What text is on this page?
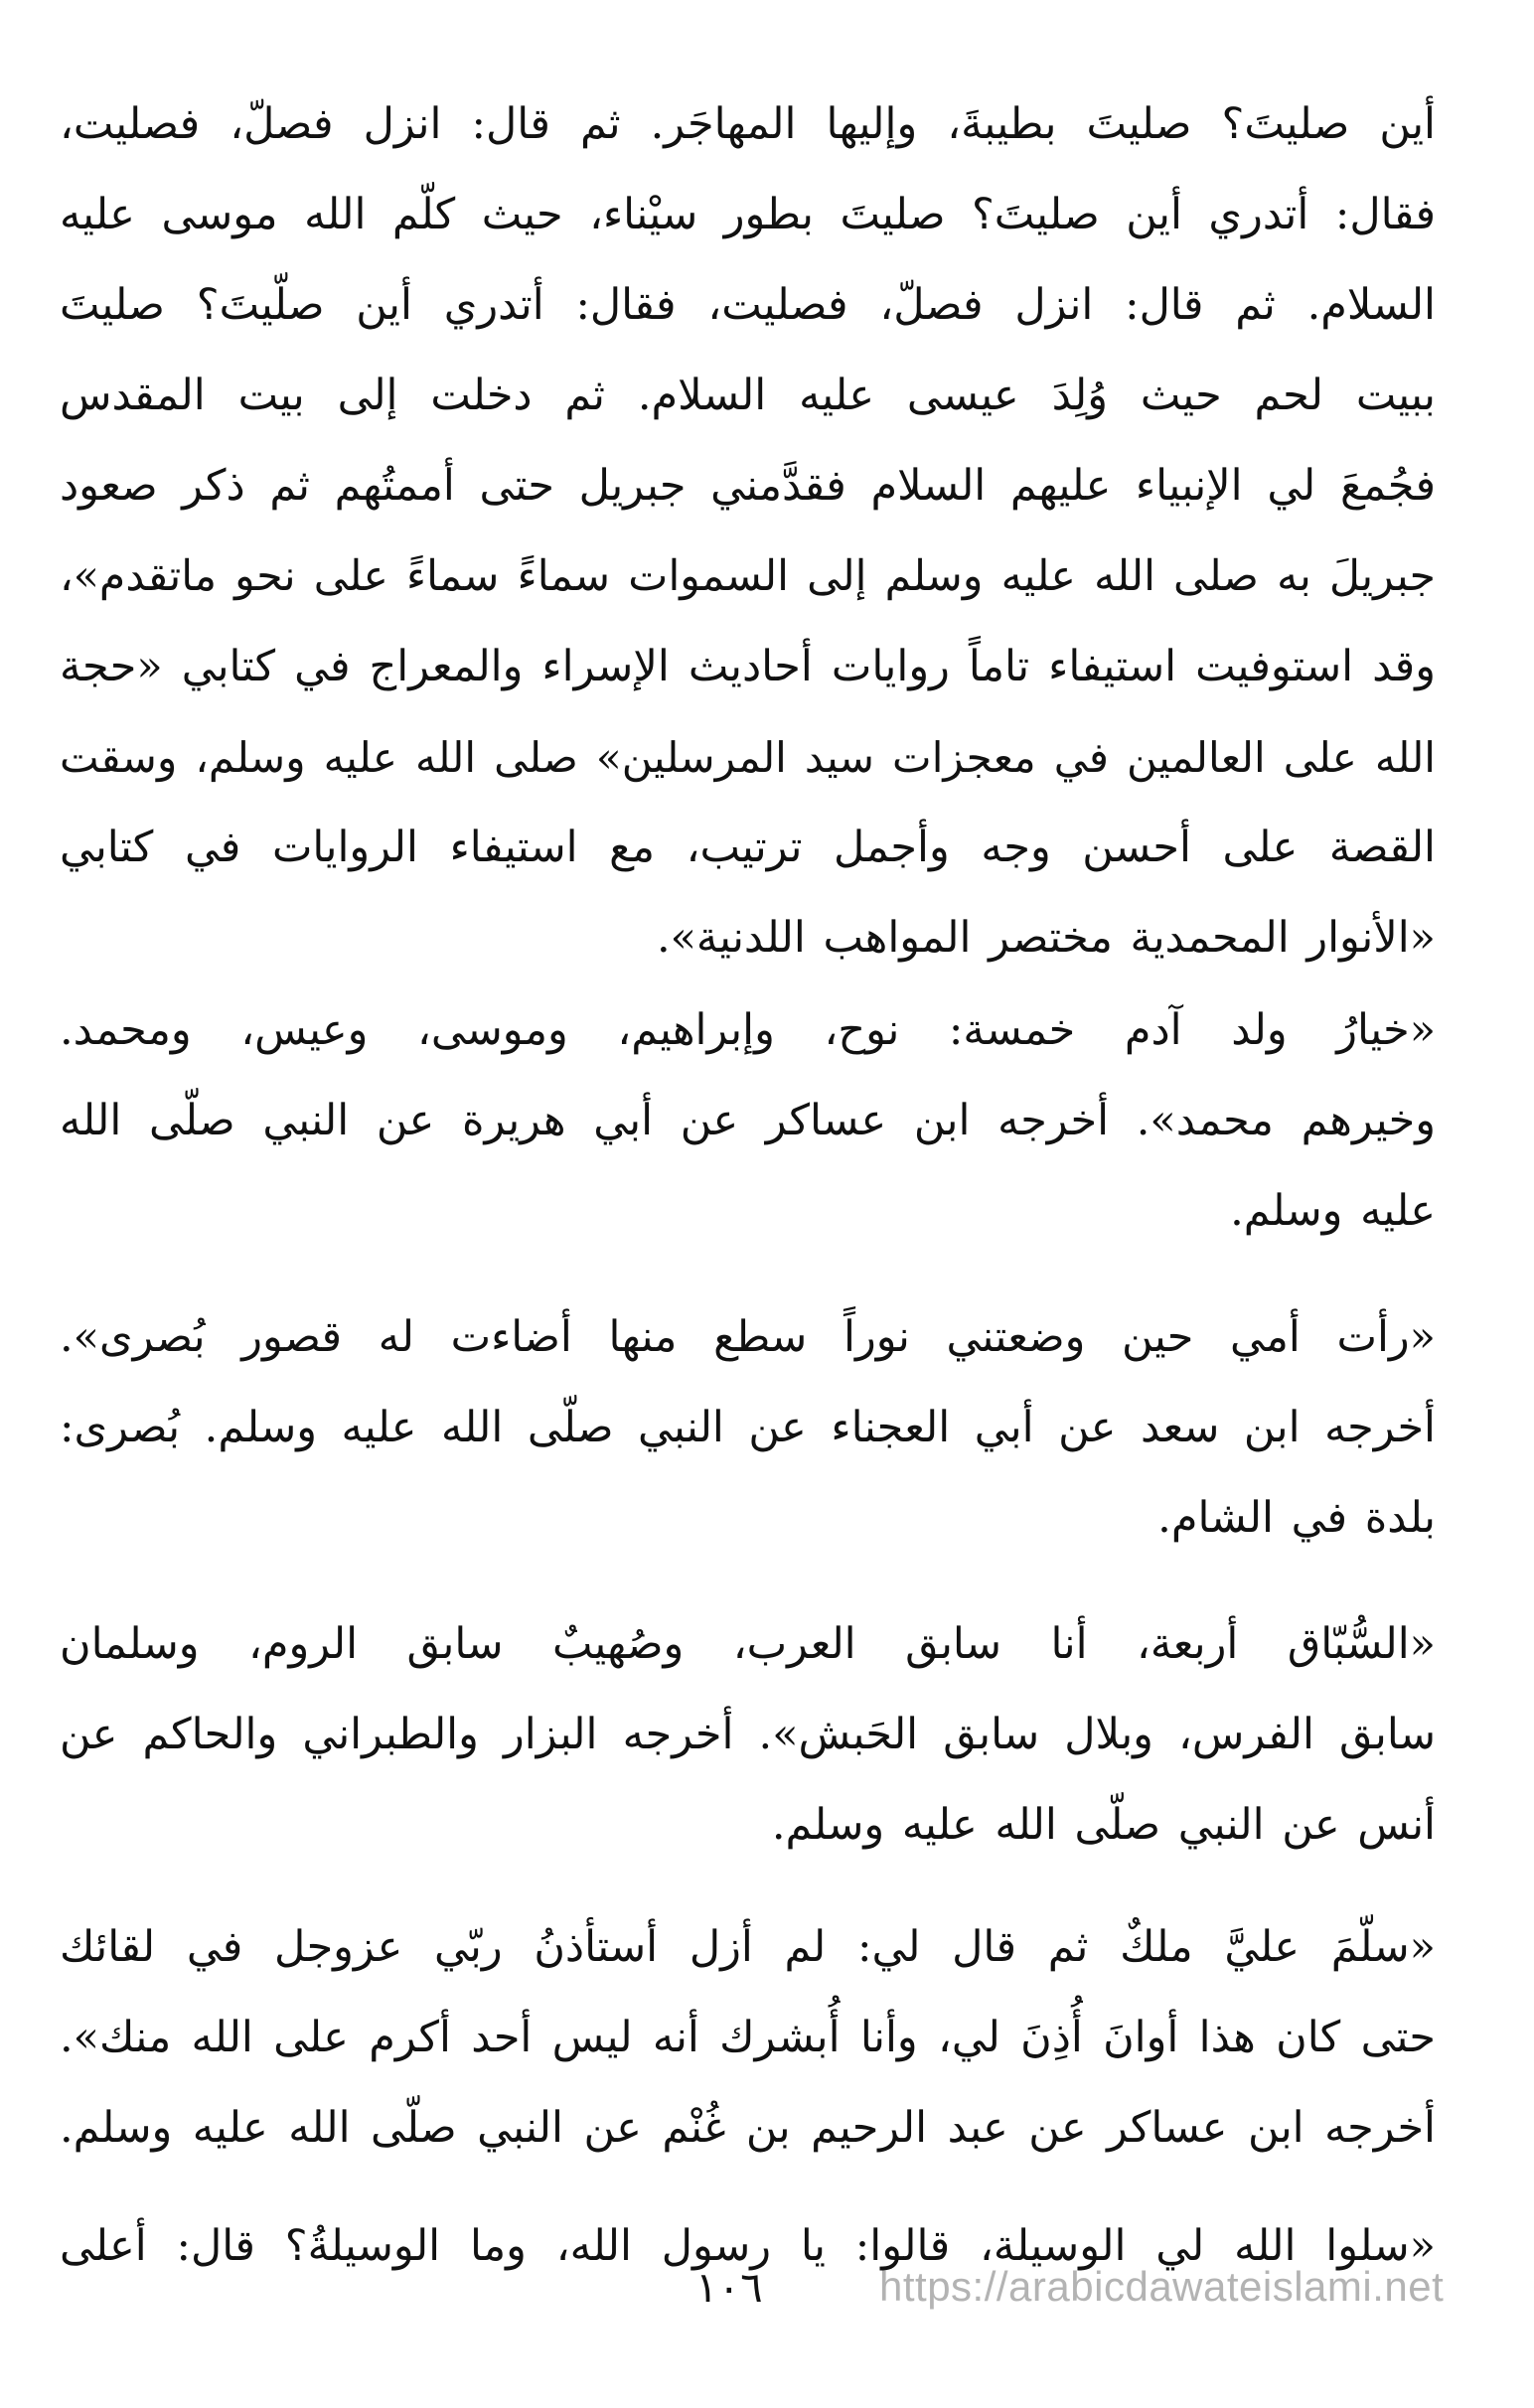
أين صليتَ؟ صليتَ بطيبةَ، وإليها المهاجَر. ثم قال: انزل فصلّ، فصليت،
فقال: أتدري أين صليتَ؟ صليتَ بطور سيْناء، حيث كلّم الله موسى عليه
السلام. ثم قال: انزل فصلّ، فصليت، فقال: أتدري أين صلّيتَ؟ صليتَ
ببيت لحم حيث وُلِدَ عيسى عليه السلام. ثم دخلت إلى بيت المقدس
فجُمعَ لي الإنبياء عليهم السلام فقدَّمني جبريل حتى أممتُهم ثم ذكر صعود
جبريلَ به صلى الله عليه وسلم إلى السموات سماءً سماءً على نحو ماتقدم»،
وقد استوفيت استيفاء تاماً روايات أحاديث الإسراء والمعراج في كتابي «حجة
الله على العالمين في معجزات سيد المرسلين» صلى الله عليه وسلم، وسقت
القصة على أحسن وجه وأجمل ترتيب، مع استيفاء الروايات في كتابي
«الأنوار المحمدية مختصر المواهب اللدنية».

«خيارُ ولد آدم خمسة: نوح، وإبراهيم، وموسى، وعيس، ومحمد.
وخيرهم محمد». أخرجه ابن عساكر عن أبي هريرة عن النبي صلّى الله
عليه وسلم.

«رأت أمي حين وضعتني نوراً سطع منها أضاءت له قصور بُصرى».
أخرجه ابن سعد عن أبي العجناء عن النبي صلّى الله عليه وسلم. بُصرى:
بلدة في الشام.

«السُّبّاق أربعة، أنا سابق العرب، وصُهيبٌ سابق الروم، وسلمان
سابق الفرس، وبلال سابق الحَبش». أخرجه البزار والطبراني والحاكم عن
أنس عن النبي صلّى الله عليه وسلم.

«سلّمَ عليَّ ملكٌ ثم قال لي: لم أزل أستأذنُ ربّي عزوجل في لقائك
حتى كان هذا أوانَ أُذِنَ لي، وأنا أُبشرك أنه ليس أحد أكرم على الله منك».
أخرجه ابن عساكر عن عبد الرحيم بن غُنْم عن النبي صلّى الله عليه وسلم.

«سلوا الله لي الوسيلة، قالوا: يا رسول الله، وما الوسيلةُ؟ قال: أعلى

١٠٦	https://arabicdawateislami.net
